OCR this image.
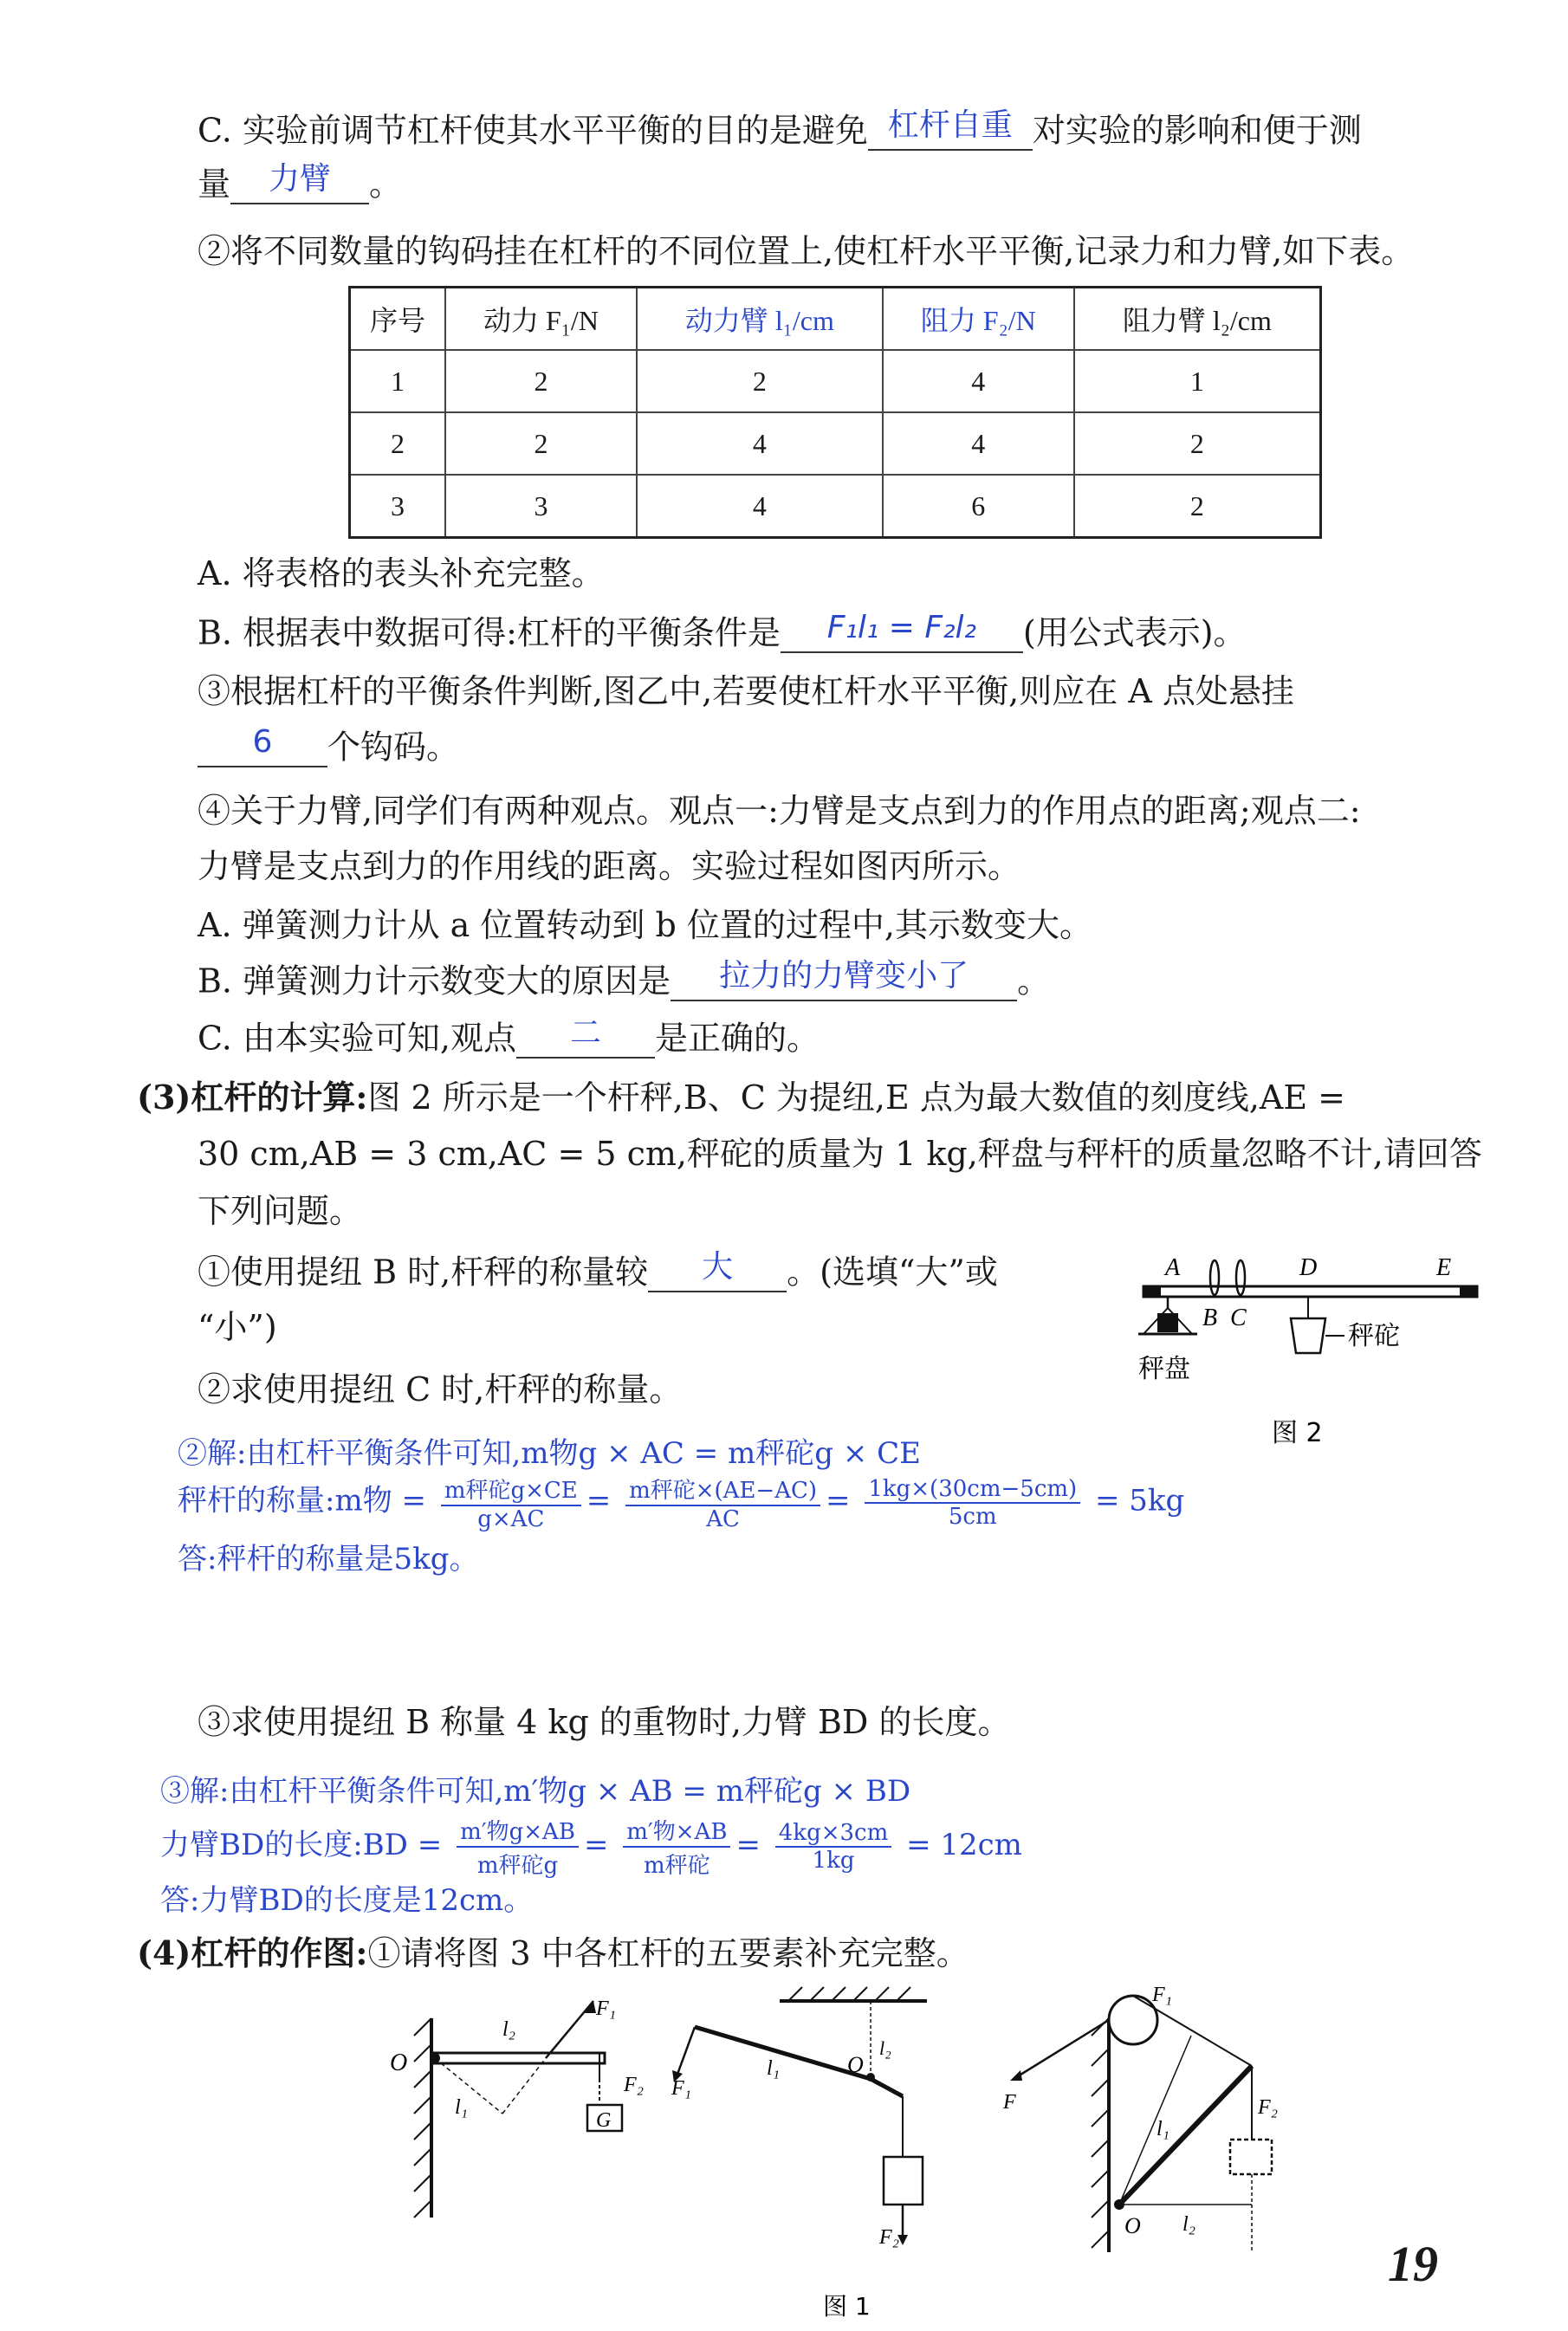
C. 实验前调节杠杆使其水平平衡的目的是避免 杠杆自重 对实验的影响和便于测
量	力臂	。
②将不同数量的钩码挂在杠杆的不同位置上,使杠杆水平平衡,记录力和力臂,如下表。
序号	动力 F₁/N	动力臂 l₁/cm	阻力 F₂/N	阻力臂 l₂/cm
1	2	2	4	1
2	2	4	4	2
3	3	4	6	2
A. 将表格的表头补充完整。
B. 根据表中数据可得:杠杆的平衡条件是	F₁l₁ = F₂l₂	(用公式表示)。
③根据杠杆的平衡条件判断,图乙中,若要使杠杆水平平衡,则应在 A 点处悬挂
6	个钩码。
④关于力臂,同学们有两种观点。观点一:力臂是支点到力的作用点的距离;观点二:
力臂是支点到力的作用线的距离。实验过程如图丙所示。
A. 弹簧测力计从 a 位置转动到 b 位置的过程中,其示数变大。
B. 弹簧测力计示数变大的原因是	拉力的力臂变小了	。
C. 由本实验可知,观点	二	是正确的。
(3)杠杆的计算:图 2 所示是一个杆秤,B、C 为提纽,E 点为最大数值的刻度线,AE =
30 cm,AB = 3 cm,AC = 5 cm,秤砣的质量为 1 kg,秤盘与秤杆的质量忽略不计,请回答
下列问题。
①使用提纽 B 时,杆秤的称量较	大	。(选填“大”或
“小”)
②求使用提纽 C 时,杆秤的称量。
A
B C
D	E
秤盘
秤砣
图 2
②解:由杠杆平衡条件可知,m物g × AC = m秤砣g × CE
秤杆的称量:m物 = $\frac{\text{m秤砣g×CE}}{g\times AC} = \frac{\text{m秤砣×(AE−AC)}}{AC} = \frac{1kg\times(30cm-5cm)}{5cm} = 5kg$
答:秤杆的称量是5kg。
③求使用提纽 B 称量 4 kg 的重物时,力臂 BD 的长度。
③解:由杠杆平衡条件可知,m′物g × AB = m秤砣g × BD
力臂BD的长度:BD = $\frac{\text{m′物g×AB}}{\text{m秤砣g}} = \frac{\text{m′物×AB}}{\text{m秤砣}} = \frac{4kg\times 3cm}{1kg} = 12cm$
答:力臂BD的长度是12cm。
(4)杠杆的作图:①请将图 3 中各杠杆的五要素补充完整。
O
F₁
F₂
l₂
l₁
G
F₁
l₁	O
l₂
F₂
F₁
F
l₁
F₂
O l₂
图 1
19
